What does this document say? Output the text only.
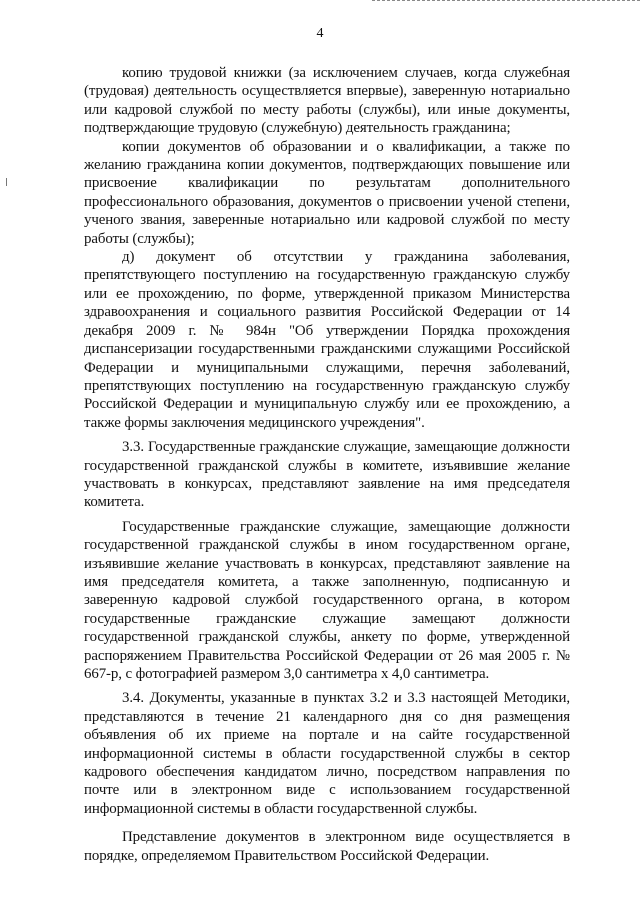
4

копию трудовой книжки (за исключением случаев, когда служебная (трудовая) деятельность осуществляется впервые), заверенную нотариально или кадровой службой по месту работы (службы), или иные документы, подтверждающие трудовую (служебную) деятельность гражданина;

копии документов об образовании и о квалификации, а также по желанию гражданина копии документов, подтверждающих повышение или присвоение квалификации по результатам дополнительного профессионального образования, документов о присвоении ученой степени, ученого звания, заверенные нотариально или кадровой службой по месту работы (службы);

д) документ об отсутствии у гражданина заболевания, препятствующего поступлению на государственную гражданскую службу или ее прохождению, по форме, утвержденной приказом Министерства здравоохранения и социального развития Российской Федерации от 14 декабря 2009 г. № 984н "Об утверждении Порядка прохождения диспансеризации государственными гражданскими служащими Российской Федерации и муниципальными служащими, перечня заболеваний, препятствующих поступлению на государственную гражданскую службу Российской Федерации и муниципальную службу или ее прохождению, а также формы заключения медицинского учреждения".

3.3. Государственные гражданские служащие, замещающие должности государственной гражданской службы в комитете, изъявившие желание участвовать в конкурсах, представляют заявление на имя председателя комитета.

Государственные гражданские служащие, замещающие должности государственной гражданской службы в ином государственном органе, изъявившие желание участвовать в конкурсах, представляют заявление на имя председателя комитета, а также заполненную, подписанную и заверенную кадровой службой государственного органа, в котором государственные гражданские служащие замещают должности государственной гражданской службы, анкету по форме, утвержденной распоряжением Правительства Российской Федерации от 26 мая 2005 г. № 667-р, с фотографией размером 3,0 сантиметра х 4,0 сантиметра.

3.4. Документы, указанные в пунктах 3.2 и 3.3 настоящей Методики, представляются в течение 21 календарного дня со дня размещения объявления об их приеме на портале и на сайте государственной информационной системы в области государственной службы в сектор кадрового обеспечения кандидатом лично, посредством направления по почте или в электронном виде с использованием государственной информационной системы в области государственной службы.

Представление документов в электронном виде осуществляется в порядке, определяемом Правительством Российской Федерации.
